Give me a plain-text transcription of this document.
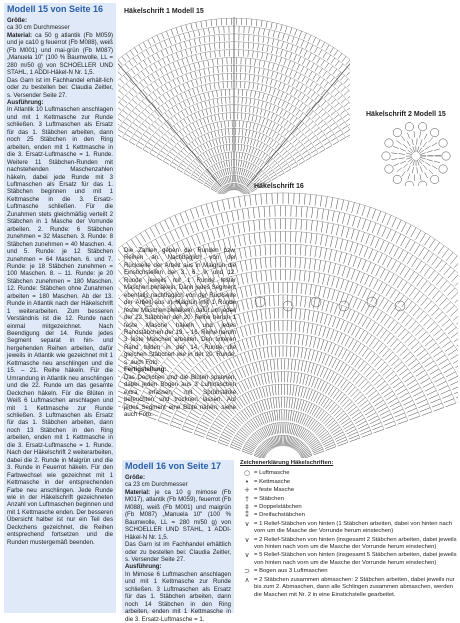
Modell 15 von Seite 16
Größe:
ca 30 cm Durchmesser
Material: ca 50 g atlantik (Fb M059) und je ca10 g feuerrot (Fb M088), weiß (Fb M001) und mai-grün (Fb M087) „Manuela 10" (100 % Baumwolle, LL = 280 m/50 g) von SCHOELLER UND STAHL, 1 ADDI-Häkel-N Nr. 1,5.
Das Garn ist im Fachhandel erhält-lich oder zu bestellen bei: Claudia Zeitler, s. Versender Seite 27.
Ausführung:
In Atlantik 10 Luftmaschen anschlagen und mit 1 Kettmasche zur Runde schließen. 3 Luftmaschen als Ersatz für das 1. Stäbchen arbeiten, dann noch 25 Stäbchen in den Ring arbeiten, enden mit 1 Kettmasche in die 3. Ersatz-Luftmasche = 1. Runde. Weitere 11 Stäbchen-Runden mit nachstehenden Maschenzahlen häkeln, dabei jede Runde mit 3 Luftmaschen als Ersatz für das 1. Stäbchen beginnen und mit 1 Kettmasche in die 3. Ersatz-Luftmasche schließen. Für die Zunahmen stets gleichmäßig verteilt 2 Stäbchen in 1 Masche der Vorrunde arbeiten. 2. Runde: 6 Stäbchen zunehmen = 32 Maschen. 3. Runde: 8 Stäbchen zunehmen = 40 Maschen. 4. und 5. Runde: je 12 Stäbchen zunehmen = 64 Maschen. 6. und 7. Runde: je 18 Stäbchen zunehmen = 100 Maschen. 8. – 11. Runde: je 20 Stäbchen zunehmen = 180 Maschen. 12. Runde: Stäbchen ohne Zunahmen arbeiten = 180 Maschen. Ab der 13. Runde in Atlantik nach der Häkelschrift 1 weiterarbeiten. Zum besseren Verständnis ist die 12. Runde nach einmal mitgezeichnet. Nach Beendigung der 14. Runde jedes Segment separat in hin- und hergehenden Reihen arbeiten, dafür jeweils in Atlantik wie gezeichnet mit 1 Kettmasche neu anschlingen und die 15. – 21. Reihe häkeln. Für die Umrandung in Atlantik neu anschlingen und die 22. Runde um das gesamte Deckchen häkeln. Für die Blüten in Weiß 6 Luftmaschen anschlagen und mit 1 Kettmasche zur Runde schließen. 3 Luftmaschen als Ersatz für das 1. Stäbchen arbeiten, dann noch 13 Stäbchen in den Ring arbeiten, enden mit 1 Kettmasche in die 3. Ersatz-Luftmasche = 1. Runde. Nach der Häkelschrift 2 weiterarbeiten, dabei die 2. Runde in Maigrün und die 3. Runde in Feuerrot häkeln. Für den Farbwechsel wie gezeichnet mit 1 Kettmasche in der entsprechenden Farbe neu anschlingen. Jede Runde wie in der Häkelschrift gezeichneten Anzahl von Luftmaschen beginnen und mit 1 Kettmasche enden. Der besseren Übersicht halber ist nur ein Teil des Deckchens gezeichnet, die Reihen entsprechend fortsetzen und die Runden mustergemäß beenden.
Häkelschrift 1 Modell 15
Häkelschrift 2 Modell 15
Häkelschrift 16
Die Zahlen geben die Runden bzw. Reihen an. Nachträglich von der Rückseite der Arbeit aus in Maigrün die Einstichstellen der 3., 6., 9. und 12. Runde jeweils mit 1 Runde fester Maschen behäkeln. Dann jedes Segment ebenfalls nachträglich von der Rückseite der Arbeit aus in Maigrün mit 1 Runde fester Maschen behäkeln, dafür um jedes der 22 Stäbchen der 20. Reihe herum 1 feste Masche häkeln und jedes Randstäbchen der 19. – 16. Reihe herum 3 feste Maschen arbeiten. Den unteren Rand bilden in der 14. Runde die gleichen Stäbchen wie in der 20. Runde, s. auch Foto.
Fertigstellung:
Das Deckchen und die Blüten spannen, dabei jeden Bogen aus 3 Luftmaschen extra erfassen, mit Sprühstärke befeuchten und trocknen lassen. Auf jedes Segment eine Blüte nähen, siehe auch Foto.
Modell 16 von Seite 17
Größe:
ca 23 cm Durchmesser
Material: je ca 10 g mimose (Fb M017), atlantik (Fb M059), feuerrot (Fb M088), weiß (Fb M001) und maigrün (Fb M087) „Manuela 10" (100 % Baumwolle, LL = 280 m/50 g) von SCHOELLER UND STAHL, 1 ADDI-Häkel-N Nr. 1,5.
Das Garn ist im Fachhandel erhältlich oder zu bestellen bei: Claudia Zeitler, s. Versender Seite 27.
Ausführung:
In Mimose 6 Luftmaschen anschlagen und mit 1 Kettmasche zur Runde schließen. 3 Luftmaschen als Ersatz für das 1. Stäbchen arbeiten, dann noch 14 Stäbchen in den Ring arbeiten, enden mit 1 Kettmasche in die 3. Ersatz-Luftmasche = 1.
Zeichenerklärung Häkelschriften:
○ = Luftmasche
• = Kettmasche
+ = feste Masche
† = Stäbchen
‡ = Doppelstäbchen
⁑ = Dreifachstäbchen
∨ = 1 Relief-Stäbchen von hinten (1 Stäbchen arbeiten, dabei von hinten nach vorn um die Masche der Vorrunde herum einstechen)
∨ = 2 Relief-Stäbchen von hinten (insgesamt 2 Stäbchen arbeiten, dabei jeweils von hinten nach vorn um die Masche der Vorrunde herum einstechen)
∨ = 5 Relief-Stäbchen von hinten (insgesamt 5 Stäbchen arbeiten, dabei jeweils von hinten nach vorn um die Masche der Vorrunde herum einstechen)
⊃ = Bogen aus 3 Luftmaschen
∧ = 2 Stäbchen zusammen abmaschen: 2 Stäbchen arbeiten, dabei jeweils nur bis zum 2. Abmaschen, dann alle Schlingen zusammen abmaschen, werden die Maschen mit Nr. 2 in eine Einstichstelle gearbeitet.
